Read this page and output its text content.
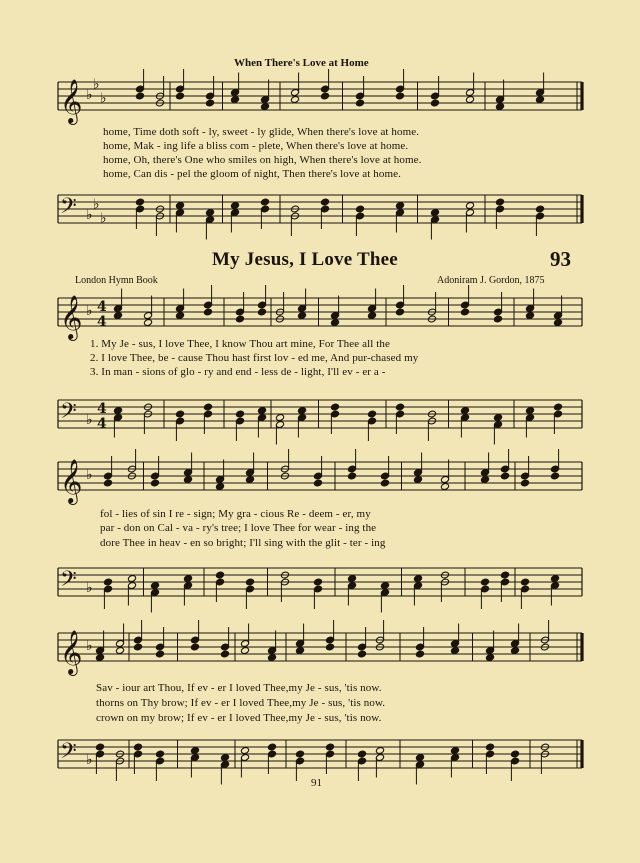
When There's Love at Home
𝄞 ♭
♭
♭
home, Time doth soft - ly, sweet - ly glide, When there's love at home.
home, Mak - ing life a bliss com - plete, When there's love at home.
home, Oh, there's One who smiles on high, When there's love at home.
home, Can dis - pel the gloom of night, Then there's love at home.
𝄢 ♭
♭
♭
My Jesus, I Love Thee	93
London Hymn Book	Adoniram J. Gordon, 1875
𝄞 ♭ 4
4
1. My Je - sus, I love Thee, I know Thou art mine, For Thee all the
2. I love Thee, be - cause Thou hast first lov - ed me, And pur-chased my
3. In man - sions of glo - ry and end - less de - light, I'll ev - er a -
𝄢 ♭
4
4
𝄞 ♭
fol - lies of sin I re - sign; My gra - cious Re - deem - er, my
par - don on Cal - va - ry's tree; I love Thee for wear - ing the
dore Thee in heav - en so bright; I'll sing with the glit - ter - ing
𝄢 ♭
𝄞 ♭
Sav - iour art Thou, If ev - er I loved Thee,my Je - sus, 'tis now.
thorns on Thy brow; If ev - er I loved Thee,my Je - sus, 'tis now.
crown on my brow; If ev - er I loved Thee,my Je - sus, 'tis now.
𝄢 ♭
91
